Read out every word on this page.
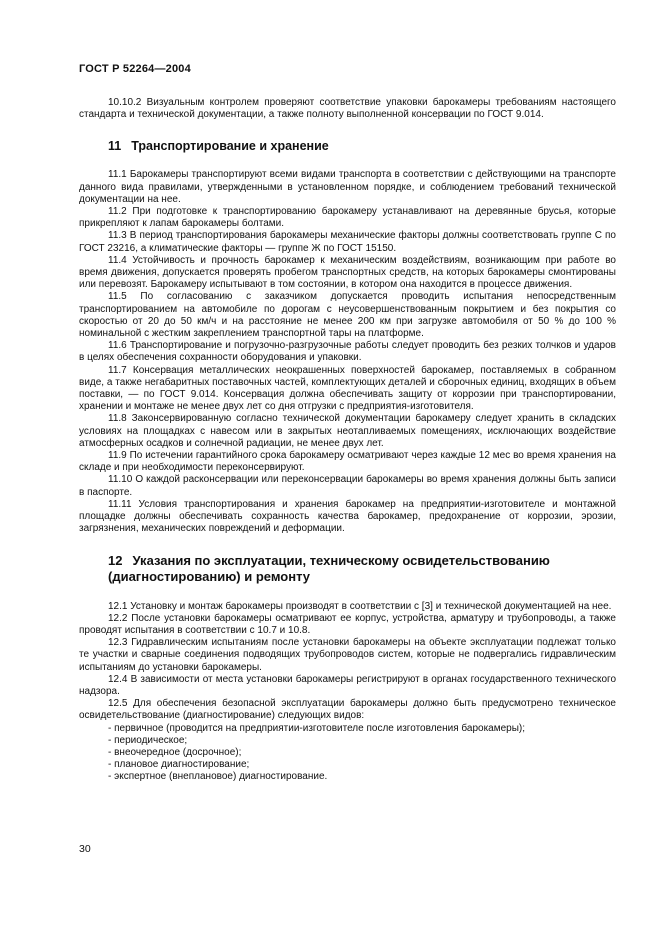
ГОСТ Р 52264—2004

10.10.2 Визуальным контролем проверяют соответствие упаковки барокамеры требованиям настоящего стандарта и технической документации, а также полноту выполненной консервации по ГОСТ 9.014.

11 Транспортирование и хранение

11.1 Барокамеры транспортируют всеми видами транспорта в соответствии с действующими на транспорте данного вида правилами, утвержденными в установленном порядке, и соблюдением требований технической документации на нее.

11.2 При подготовке к транспортированию барокамеру устанавливают на деревянные брусья, которые прикрепляют к лапам барокамеры болтами.

11.3 В период транспортирования барокамеры механические факторы должны соответствовать группе С по ГОСТ 23216, а климатические факторы — группе Ж по ГОСТ 15150.

11.4 Устойчивость и прочность барокамер к механическим воздействиям, возникающим при работе во время движения, допускается проверять пробегом транспортных средств, на которых барокамеры смонтированы или перевозят. Барокамеру испытывают в том состоянии, в котором она находится в процессе движения.

11.5 По согласованию с заказчиком допускается проводить испытания непосредственным транспортированием на автомобиле по дорогам с неусовершенствованным покрытием и без покрытия со скоростью от 20 до 50 км/ч и на расстояние не менее 200 км при загрузке автомобиля от 50 % до 100 % номинальной с жестким закреплением транспортной тары на платформе.

11.6 Транспортирование и погрузочно-разгрузочные работы следует проводить без резких толчков и ударов в целях обеспечения сохранности оборудования и упаковки.

11.7 Консервация металлических неокрашенных поверхностей барокамер, поставляемых в собранном виде, а также негабаритных поставочных частей, комплектующих деталей и сборочных единиц, входящих в объем поставки, — по ГОСТ 9.014. Консервация должна обеспечивать защиту от коррозии при транспортировании, хранении и монтаже не менее двух лет со дня отгрузки с предприятия-изготовителя.

11.8 Законсервированную согласно технической документации барокамеру следует хранить в складских условиях на площадках с навесом или в закрытых неотапливаемых помещениях, исключающих воздействие атмосферных осадков и солнечной радиации, не менее двух лет.

11.9 По истечении гарантийного срока барокамеру осматривают через каждые 12 мес во время хранения на складе и при необходимости переконсервируют.

11.10 О каждой расконсервации или переконсервации барокамеры во время хранения должны быть записи в паспорте.

11.11 Условия транспортирования и хранения барокамер на предприятии-изготовителе и монтажной площадке должны обеспечивать сохранность качества барокамер, предохранение от коррозии, эрозии, загрязнения, механических повреждений и деформации.

12 Указания по эксплуатации, техническому освидетельствованию (диагностированию) и ремонту

12.1 Установку и монтаж барокамеры производят в соответствии с [3] и технической документацией на нее.

12.2 После установки барокамеры осматривают ее корпус, устройства, арматуру и трубопроводы, а также проводят испытания в соответствии с 10.7 и 10.8.

12.3 Гидравлическим испытаниям после установки барокамеры на объекте эксплуатации подлежат только те участки и сварные соединения подводящих трубопроводов систем, которые не подвергались гидравлическим испытаниям до установки барокамеры.

12.4 В зависимости от места установки барокамеры регистрируют в органах государственного технического надзора.

12.5 Для обеспечения безопасной эксплуатации барокамеры должно быть предусмотрено техническое освидетельствование (диагностирование) следующих видов:

- первичное (проводится на предприятии-изготовителе после изготовления барокамеры);
- периодическое;
- внеочередное (досрочное);
- плановое диагностирование;
- экспертное (внеплановое) диагностирование.
30
